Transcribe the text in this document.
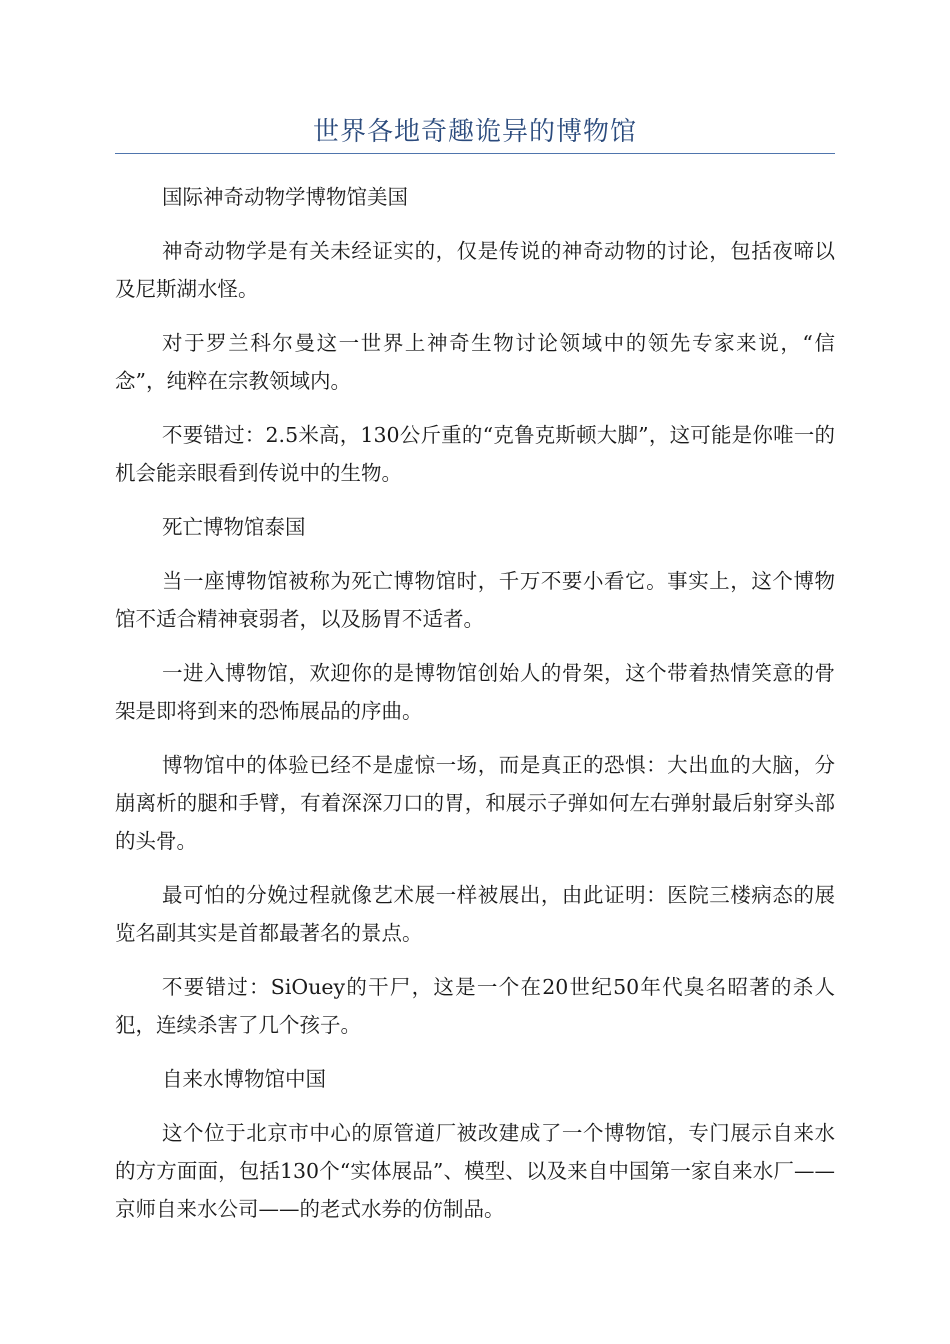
世界各地奇趣诡异的博物馆

国际神奇动物学博物馆美国

神奇动物学是有关未经证实的，仅是传说的神奇动物的讨论，包括夜啼以及尼斯湖水怪。

对于罗兰科尔曼这一世界上神奇生物讨论领域中的领先专家来说，“信念”，纯粹在宗教领域内。

不要错过：2.5米高，130公斤重的“克鲁克斯顿大脚”，这可能是你唯一的机会能亲眼看到传说中的生物。

死亡博物馆泰国

当一座博物馆被称为死亡博物馆时，千万不要小看它。事实上，这个博物馆不适合精神衰弱者，以及肠胃不适者。

一进入博物馆，欢迎你的是博物馆创始人的骨架，这个带着热情笑意的骨架是即将到来的恐怖展品的序曲。

博物馆中的体验已经不是虚惊一场，而是真正的恐惧：大出血的大脑，分崩离析的腿和手臂，有着深深刀口的胃，和展示子弹如何左右弹射最后射穿头部的头骨。

最可怕的分娩过程就像艺术展一样被展出，由此证明：医院三楼病态的展览名副其实是首都最著名的景点。

不要错过：SiOuey的干尸，这是一个在20世纪50年代臭名昭著的杀人犯，连续杀害了几个孩子。

自来水博物馆中国

这个位于北京市中心的原管道厂被改建成了一个博物馆，专门展示自来水的方方面面，包括130个“实体展品”、模型、以及来自中国第一家自来水厂——京师自来水公司——的老式水券的仿制品。
